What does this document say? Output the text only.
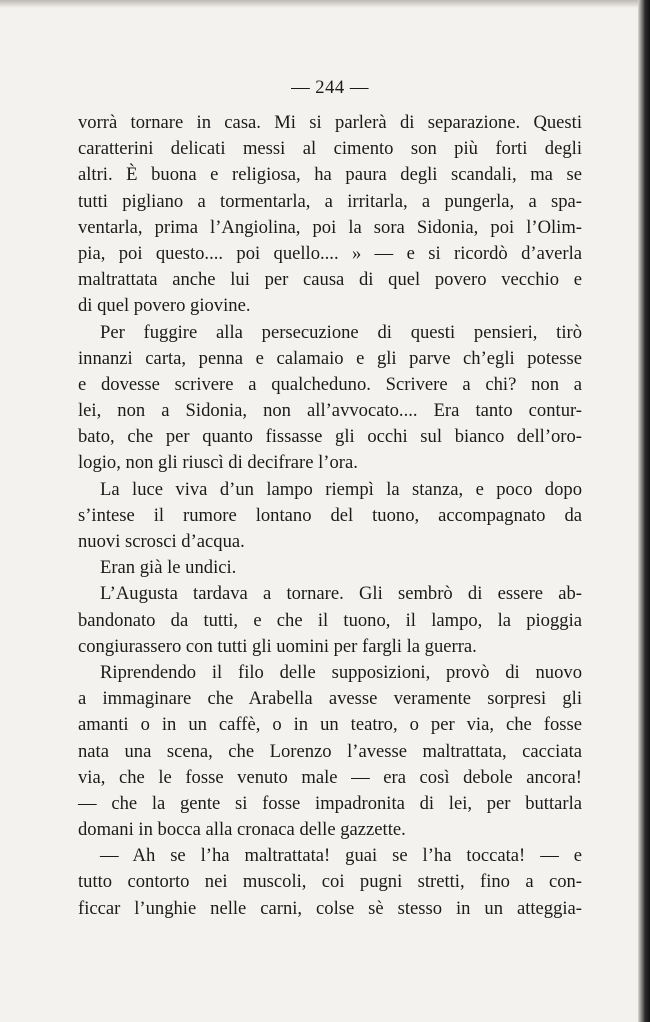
— 244 —
vorrà tornare in casa. Mi si parlerà di separazione. Questi
caratterini delicati messi al cimento son più forti degli
altri. È buona e religiosa, ha paura degli scandali, ma se
tutti pigliano a tormentarla, a irritarla, a pungerla, a spa-
ventarla, prima l’Angiolina, poi la sora Sidonia, poi l’Olim-
pia, poi questo.... poi quello.... » — e si ricordò d’averla
maltrattata anche lui per causa di quel povero vecchio e
di quel povero giovine.
Per fuggire alla persecuzione di questi pensieri, tirò
innanzi carta, penna e calamaio e gli parve ch’egli potesse
e dovesse scrivere a qualcheduno. Scrivere a chi? non a
lei, non a Sidonia, non all’avvocato.... Era tanto contur-
bato, che per quanto fissasse gli occhi sul bianco dell’oro-
logio, non gli riuscì di decifrare l’ora.
La luce viva d’un lampo riempì la stanza, e poco dopo
s’intese il rumore lontano del tuono, accompagnato da
nuovi scrosci d’acqua.
Eran già le undici.
L’Augusta tardava a tornare. Gli sembrò di essere ab-
bandonato da tutti, e che il tuono, il lampo, la pioggia
congiurassero con tutti gli uomini per fargli la guerra.
Riprendendo il filo delle supposizioni, provò di nuovo
a immaginare che Arabella avesse veramente sorpresi gli
amanti o in un caffè, o in un teatro, o per via, che fosse
nata una scena, che Lorenzo l’avesse maltrattata, cacciata
via, che le fosse venuto male — era così debole ancora!
— che la gente si fosse impadronita di lei, per buttarla
domani in bocca alla cronaca delle gazzette.
— Ah se l’ha maltrattata! guai se l’ha toccata! — e
tutto contorto nei muscoli, coi pugni stretti, fino a con-
ficcar l’unghie nelle carni, colse sè stesso in un atteggia-
